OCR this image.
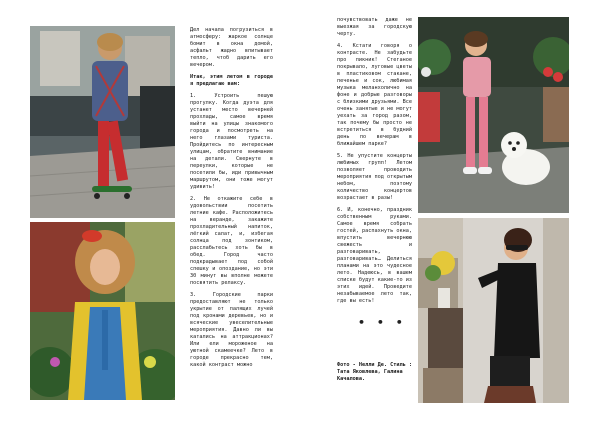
Дел начала погрузиться в атмосферу: жаркое солнце бомит в окна домой, асфальт жадно впитывает тепло, чтоб дарить его вечером.

Итак, этим летом в городе я предлагаю вам:

1. Устроить пешую прогулку. Когда дуэта для устанет место вечерней прохлады, самое время выйти на улицы знакомого города и посмотреть на него глазами туриста. Пройдитесь по интересным улицам, обратите внимание на детали. Свернуте в переулки, которые не посетили бы, иди привычным маршрутом, они тоже могут удивить!

2. Не откажите себе в удовольствии посетить летние кафе. Расположитесь на веранде, закажите прохладительный напиток, лёгкий салат, и, избегая солнца под зонтиком, расслабьтесь хоть бы в обед. Город часто подкрадывает под собой спешку и опоздание, но эти 30 минут вы вполне можете посвятить релаксу.

3. Городские парки предоставляют не только укрытие от палящих лучей под кронами деревьев, но и всяческие увеселительные мероприятия. Давно ли вы катались на аттракционах? Или ели мороженое на уютной скамеечке? Лето в городе прекрасно тем, какой контраст можно

почувствовать даже не выезжая за городскую черту.

4. Кстати говоря о контрасте. Не забудьте про пикник! Стеганое покрывало, луговые цветы в пластиковом стакане, печенье и сок, любимая музыка меланхолично на фоне и добрые разговоры с близкими друзьями. Все очень занятые и не могут уехать за город разом, так почему бы просто не встретиться в будний день по вечерам в ближайшем парке?

5. Не упустите концерты любимых групп! Летом позволяет проводить мероприятия под открытым небом, поэтому количество концертов возрастает в разы!

6. И, конечно, праздник собственным руками. Самое время собрать гостей, распахнуть окна, впустить вечернюю свежесть и разговаривать, разговаривать… Делиться планами на это чудесное лето. Надеюсь, в вашем списке будут какие-то из этих идей. Проведите незабываемое лето так, где вы есть!

• • •
Фото - Нелли Де. Стиль : Тата Яковлева, Галина Качалова.
